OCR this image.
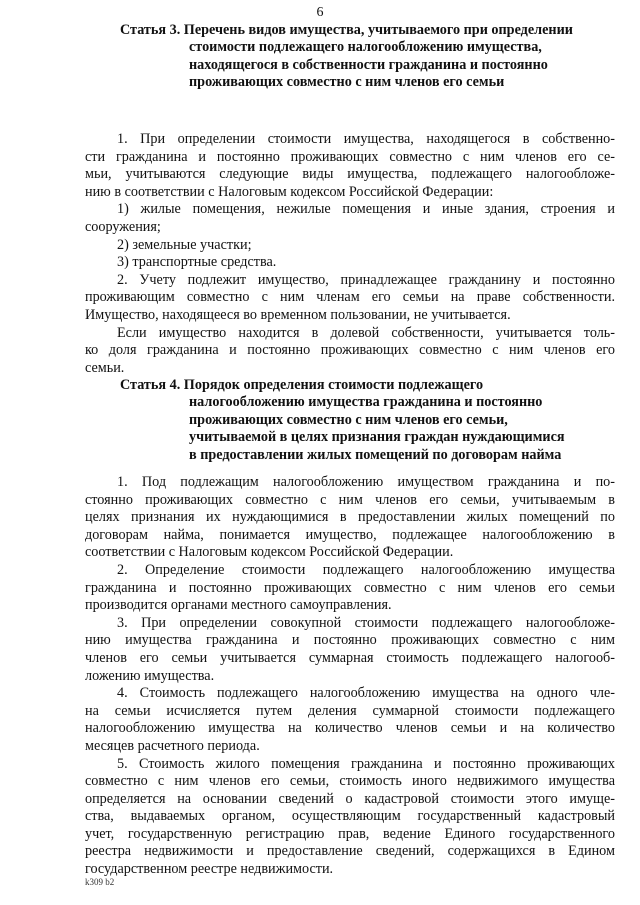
6
Статья 3. Перечень видов имущества, учитываемого при определении
стоимости подлежащего налогообложению имущества,
находящегося в собственности гражданина и постоянно
проживающих совместно с ним членов его семьи
1. При определении стоимости имущества, находящегося в собственно-
сти гражданина и постоянно проживающих совместно с ним членов его се-
мьи, учитываются следующие виды имущества, подлежащего налогообложе-
нию в соответствии с Налоговым кодексом Российской Федерации:
1) жилые помещения, нежилые помещения и иные здания, строения и
сооружения;
2) земельные участки;
3) транспортные средства.
2. Учету подлежит имущество, принадлежащее гражданину и постоянно
проживающим совместно с ним членам его семьи на праве собственности.
Имущество, находящееся во временном пользовании, не учитывается.
Если имущество находится в долевой собственности, учитывается толь-
ко доля гражданина и постоянно проживающих совместно с ним членов его
семьи.
Статья 4. Порядок определения стоимости подлежащего
налогообложению имущества гражданина и постоянно
проживающих совместно с ним членов его семьи,
учитываемой в целях признания граждан нуждающимися
в предоставлении жилых помещений по договорам найма
1. Под подлежащим налогообложению имуществом гражданина и по-
стоянно проживающих совместно с ним членов его семьи, учитываемым в
целях признания их нуждающимися в предоставлении жилых помещений по
договорам найма, понимается имущество, подлежащее налогообложению в
соответствии с Налоговым кодексом Российской Федерации.
2. Определение стоимости подлежащего налогообложению имущества
гражданина и постоянно проживающих совместно с ним членов его семьи
производится органами местного самоуправления.
3. При определении совокупной стоимости подлежащего налогообложе-
нию имущества гражданина и постоянно проживающих совместно с ним
членов его семьи учитывается суммарная стоимость подлежащего налогооб-
ложению имущества.
4. Стоимость подлежащего налогообложению имущества на одного чле-
на семьи исчисляется путем деления суммарной стоимости подлежащего
налогообложению имущества на количество членов семьи и на количество
месяцев расчетного периода.
5. Стоимость жилого помещения гражданина и постоянно проживающих
совместно с ним членов его семьи, стоимость иного недвижимого имущества
определяется на основании сведений о кадастровой стоимости этого имуще-
ства, выдаваемых органом, осуществляющим государственный кадастровый
учет, государственную регистрацию прав, ведение Единого государственного
реестра недвижимости и предоставление сведений, содержащихся в Едином
государственном реестре недвижимости.
k309 b2
